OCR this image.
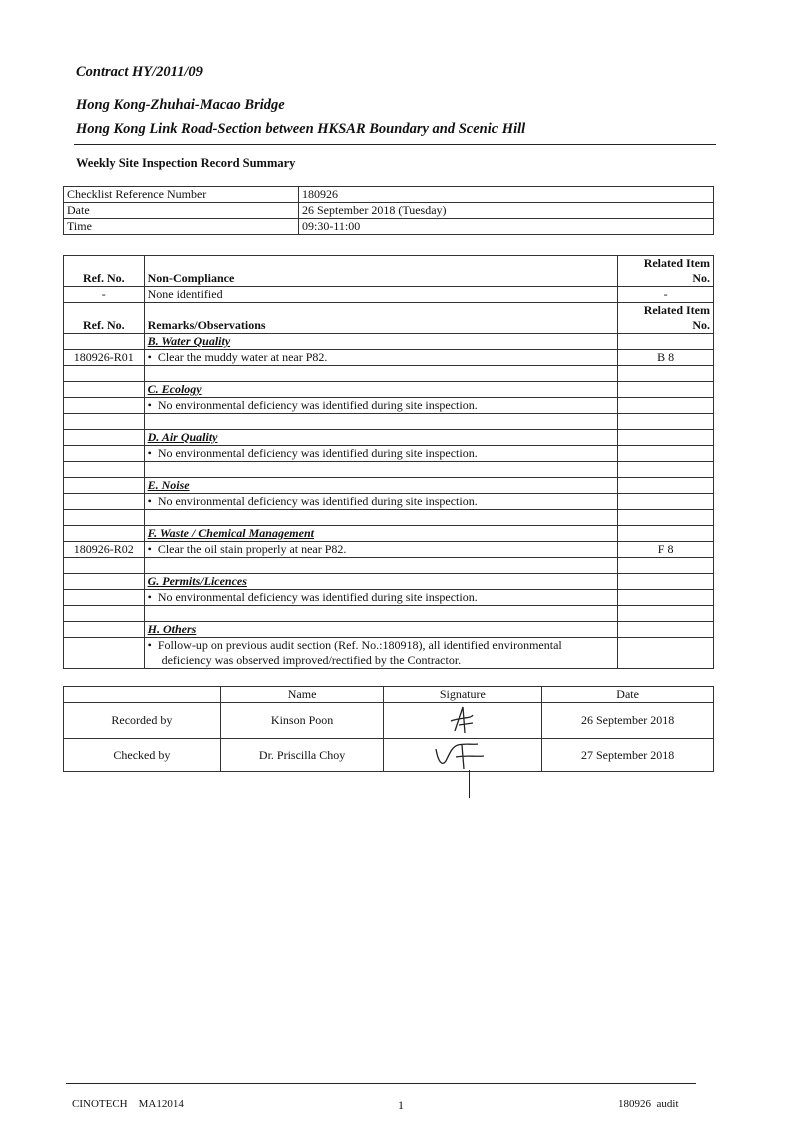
Contract HY/2011/09
Hong Kong-Zhuhai-Macao Bridge
Hong Kong Link Road-Section between HKSAR Boundary and Scenic Hill
Weekly Site Inspection Record Summary
Checklist Reference Number	180926
Date	26 September 2018 (Tuesday)
Time	09:30-11:00
Ref. No.	Non-Compliance	Related Item
No.
-	None identified	-
Ref. No.	Remarks/Observations	Related Item
No.
	B. Water Quality	
180926-R01	•  Clear the muddy water at near P82.	B 8

	C. Ecology	
	•  No environmental deficiency was identified during site inspection.	

	D. Air Quality	
	•  No environmental deficiency was identified during site inspection.	

	E. Noise	
	•  No environmental deficiency was identified during site inspection.	

	F. Waste / Chemical Management	
180926-R02	•  Clear the oil stain properly at near P82.	F 8

	G. Permits/Licences	
	•  No environmental deficiency was identified during site inspection.	

	H. Others	
	•  Follow-up on previous audit section (Ref. No.:180918), all identified environmental
deficiency was observed improved/rectified by the Contractor.	
	Name	Signature	Date
Recorded by	Kinson Poon		26 September 2018
Checked by	Dr. Priscilla Choy		27 September 2018
CINOTECH    MA12014	1	180926  audit
